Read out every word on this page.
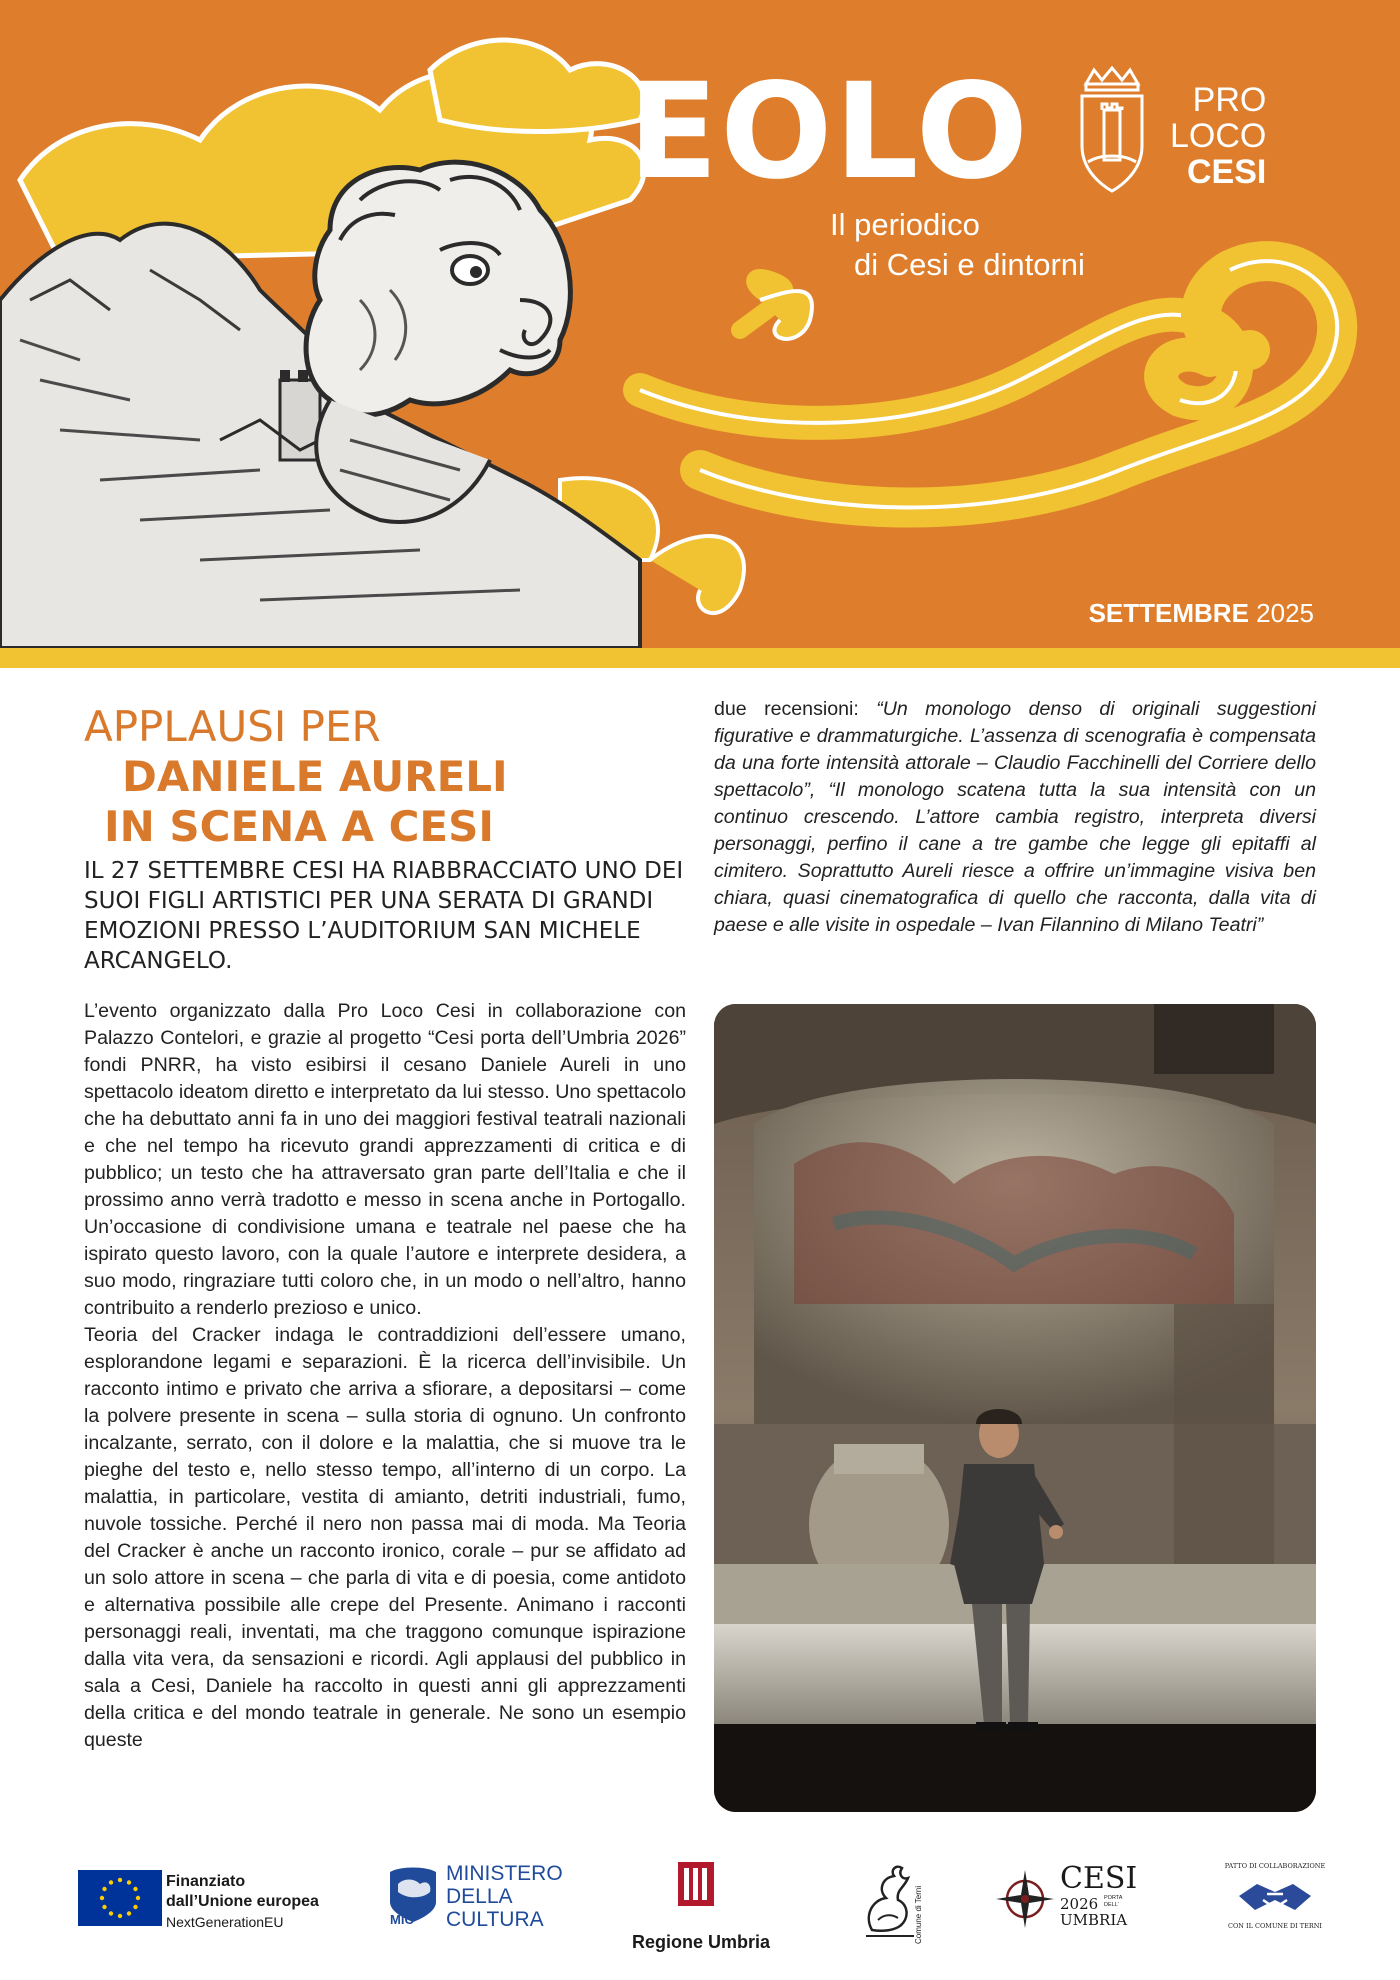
EOLO
Il periodico
di Cesi e dintorni
PRO
LOCO
CESI
SETTEMBRE 2025
APPLAUSI PER
DANIELE AURELI
IN SCENA A CESI
IL 27 SETTEMBRE CESI HA RIABBRACCIATO UNO DEI SUOI FIGLI ARTISTICI PER UNA SERATA DI GRANDI EMOZIONI PRESSO L’AUDITORIUM SAN MICHELE ARCANGELO.

L’evento organizzato dalla Pro Loco Cesi in collaborazione con Palazzo Contelori, e grazie al progetto “Cesi porta dell’Umbria 2026” fondi PNRR, ha visto esibirsi il cesano Daniele Aureli in uno spettacolo ideatom diretto e interpretato da lui stesso. Uno spettacolo che ha debuttato anni fa in uno dei maggiori festival teatrali nazionali e che nel tempo ha ricevuto grandi apprezzamenti di critica e di pubblico; un testo che ha attraversato gran parte dell’Italia e che il prossimo anno verrà tradotto e messo in scena anche in Portogallo. Un’occasione di condivisione umana e teatrale nel paese che ha ispirato questo lavoro, con la quale l’autore e interprete desidera, a suo modo, ringraziare tutti coloro che, in un modo o nell’altro, hanno contribuito a renderlo prezioso e unico.

Teoria del Cracker indaga le contraddizioni dell’essere umano, esplorandone legami e separazioni. È la ricerca dell’invisibile. Un racconto intimo e privato che arriva a sfiorare, a depositarsi – come la polvere presente in scena – sulla storia di ognuno. Un confronto incalzante, serrato, con il dolore e la malattia, che si muove tra le pieghe del testo e, nello stesso tempo, all’interno di un corpo. La malattia, in particolare, vestita di amianto, detriti industriali, fumo, nuvole tossiche. Perché il nero non passa mai di moda. Ma Teoria del Cracker è anche un racconto ironico, corale – pur se affidato ad un solo attore in scena – che parla di vita e di poesia, come antidoto e alternativa possibile alle crepe del Presente. Animano i racconti personaggi reali, inventati, ma che traggono comunque ispirazione dalla vita vera, da sensazioni e ricordi. Agli applausi del pubblico in sala a Cesi, Daniele ha raccolto in questi anni gli apprezzamenti della critica e del mondo teatrale in generale. Ne sono un esempio queste

due recensioni: “Un monologo denso di originali suggestioni figurative e drammaturgiche. L’assenza di scenografia è compensata da una forte intensità attorale – Claudio Facchinelli del Corriere dello spettacolo”, “Il monologo scatena tutta la sua intensità con un continuo crescendo. L’attore cambia registro, interpreta diversi personaggi, perfino il cane a tre gambe che legge gli epitaffi al cimitero. Soprattutto Aureli riesce a offrire un’immagine visiva ben chiara, quasi cinematografica di quello che racconta, dalla vita di paese e alle visite in ospedale – Ivan Filannino di Milano Teatri”
Finanziato
dall’Unione europea
NextGenerationEU	MiC
MINISTERO
DELLA
CULTURA
Regione Umbria	Comune di Terni
CESI
2026 PORTA DELL’
UMBRIA
PATTO DI COLLABORAZIONE
CON IL COMUNE DI TERNI
